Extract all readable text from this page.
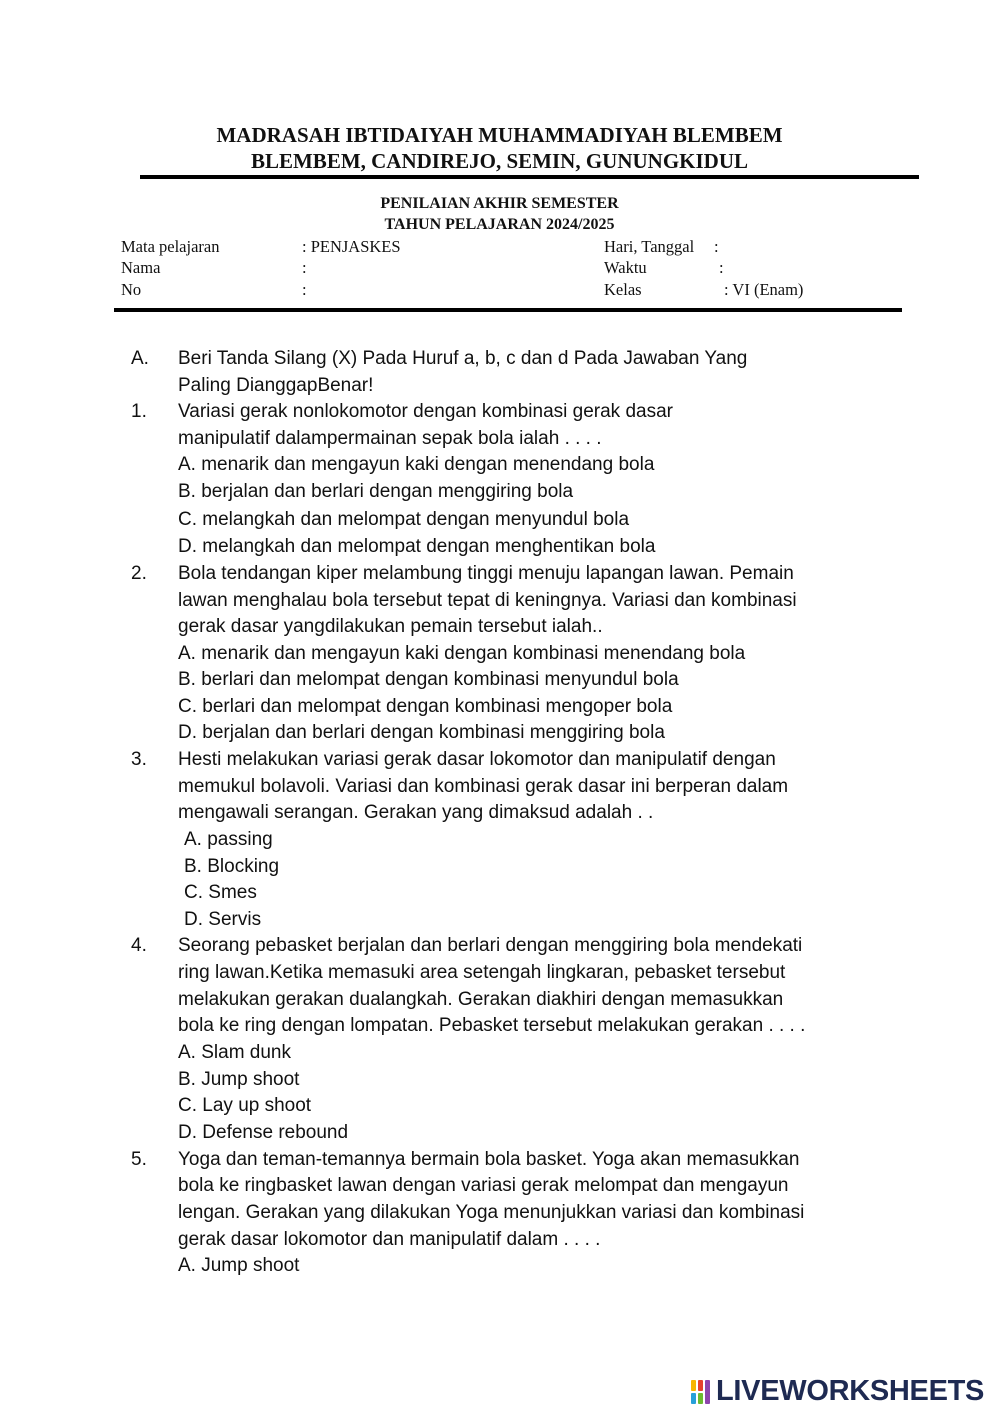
MADRASAH IBTIDAIYAH MUHAMMADIYAH BLEMBEM
BLEMBEM, CANDIREJO, SEMIN, GUNUNGKIDUL
PENILAIAN AKHIR SEMESTER
TAHUN PELAJARAN 2024/2025
Mata pelajaran	: PENJASKES	Hari, Tanggal :
Nama	:	Waktu	:
No	:	Kelas	: VI (Enam)
A. Beri Tanda Silang (X) Pada Huruf a, b, c dan d Pada Jawaban Yang
Paling DianggapBenar!
1. Variasi gerak nonlokomotor dengan kombinasi gerak dasar
manipulatif dalampermainan sepak bola ialah . . . .
A. menarik dan mengayun kaki dengan menendang bola
B. berjalan dan berlari dengan menggiring bola
C. melangkah dan melompat dengan menyundul bola
D. melangkah dan melompat dengan menghentikan bola
2. Bola tendangan kiper melambung tinggi menuju lapangan lawan. Pemain
lawan menghalau bola tersebut tepat di keningnya. Variasi dan kombinasi
gerak dasar yangdilakukan pemain tersebut ialah..
A. menarik dan mengayun kaki dengan kombinasi menendang bola
B. berlari dan melompat dengan kombinasi menyundul bola
C. berlari dan melompat dengan kombinasi mengoper bola
D. berjalan dan berlari dengan kombinasi menggiring bola
3. Hesti melakukan variasi gerak dasar lokomotor dan manipulatif dengan
memukul bolavoli. Variasi dan kombinasi gerak dasar ini berperan dalam
mengawali serangan. Gerakan yang dimaksud adalah . .
A. passing
B. Blocking
C. Smes
D. Servis
4. Seorang pebasket berjalan dan berlari dengan menggiring bola mendekati
ring lawan.Ketika memasuki area setengah lingkaran, pebasket tersebut
melakukan gerakan dualangkah. Gerakan diakhiri dengan memasukkan
bola ke ring dengan lompatan. Pebasket tersebut melakukan gerakan . . . .
A. Slam dunk
B. Jump shoot
C. Lay up shoot
D. Defense rebound
5. Yoga dan teman-temannya bermain bola basket. Yoga akan memasukkan
bola ke ringbasket lawan dengan variasi gerak melompat dan mengayun
lengan. Gerakan yang dilakukan Yoga menunjukkan variasi dan kombinasi
gerak dasar lokomotor dan manipulatif dalam . . . .
A. Jump shoot
LIVEWORKSHEETS
